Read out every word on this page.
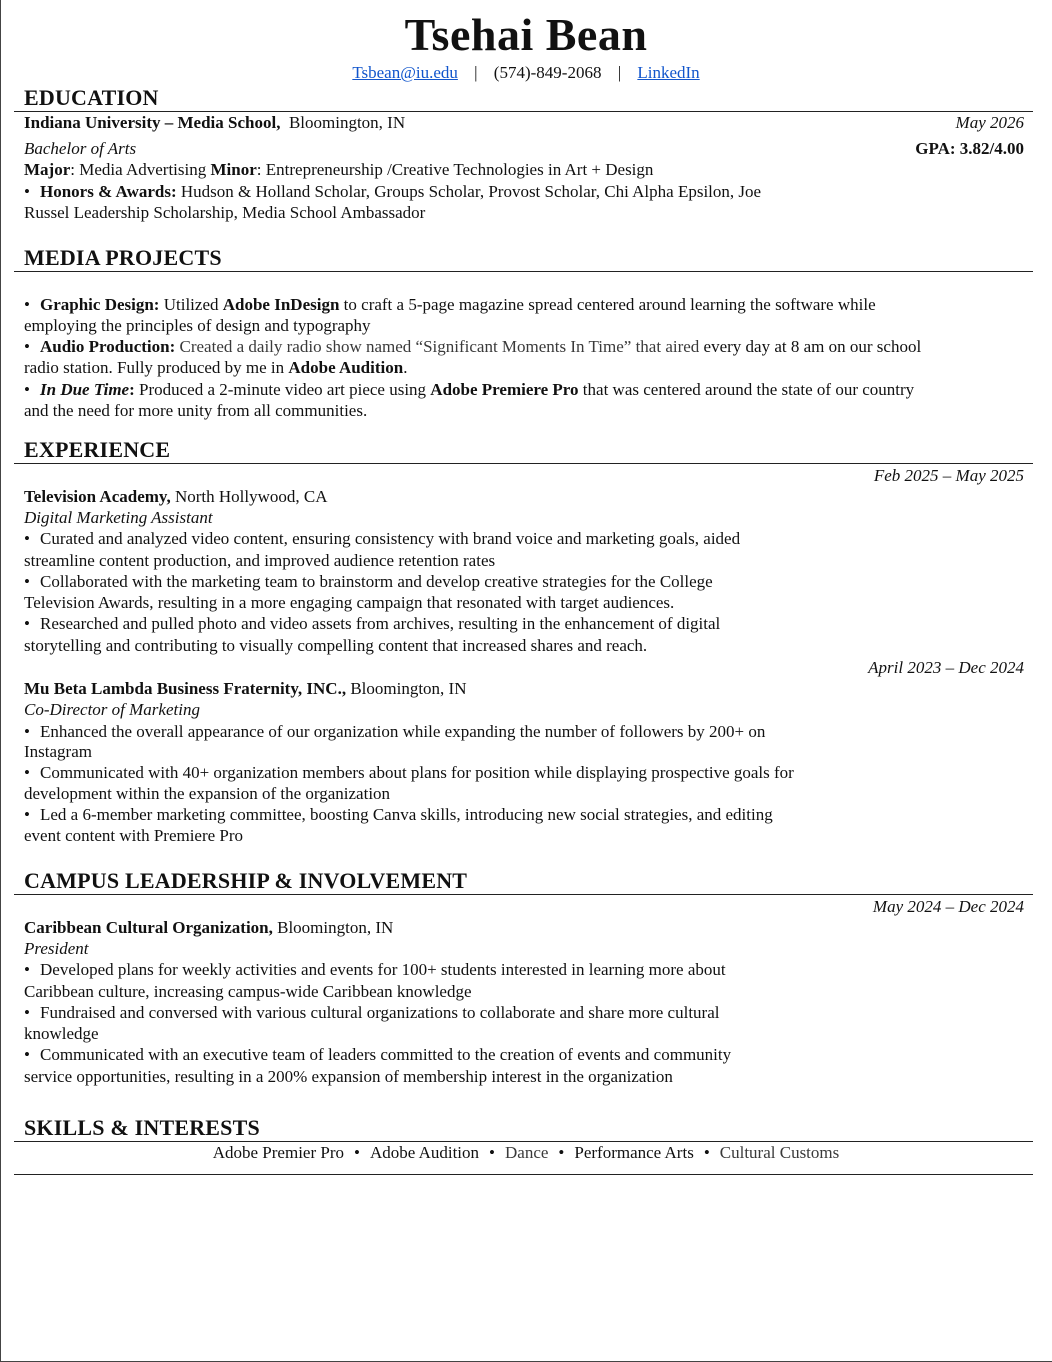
Tsehai Bean
Tsbean@iu.edu | (574)-849-2068 | LinkedIn
EDUCATION
Indiana University – Media School, Bloomington, IN	May 2026
Bachelor of Arts	GPA: 3.82/4.00
Major: Media Advertising Minor: Entrepreneurship /Creative Technologies in Art + Design
• Honors & Awards: Hudson & Holland Scholar, Groups Scholar, Provost Scholar, Chi Alpha Epsilon, Joe
Russel Leadership Scholarship, Media School Ambassador
MEDIA PROJECTS
• Graphic Design: Utilized Adobe InDesign to craft a 5-page magazine spread centered around learning the software while
employing the principles of design and typography
• Audio Production: Created a daily radio show named “Significant Moments In Time” that aired every day at 8 am on our school
radio station. Fully produced by me in Adobe Audition.
• In Due Time: Produced a 2-minute video art piece using Adobe Premiere Pro that was centered around the state of our country
and the need for more unity from all communities.
EXPERIENCE
Feb 2025 – May 2025
Television Academy, North Hollywood, CA
Digital Marketing Assistant
• Curated and analyzed video content, ensuring consistency with brand voice and marketing goals, aided
streamline content production, and improved audience retention rates
• Collaborated with the marketing team to brainstorm and develop creative strategies for the College
Television Awards, resulting in a more engaging campaign that resonated with target audiences.
• Researched and pulled photo and video assets from archives, resulting in the enhancement of digital
storytelling and contributing to visually compelling content that increased shares and reach.
April 2023 – Dec 2024
Mu Beta Lambda Business Fraternity, INC., Bloomington, IN
Co-Director of Marketing
• Enhanced the overall appearance of our organization while expanding the number of followers by 200+ on
Instagram
• Communicated with 40+ organization members about plans for position while displaying prospective goals for
development within the expansion of the organization
• Led a 6-member marketing committee, boosting Canva skills, introducing new social strategies, and editing
event content with Premiere Pro
CAMPUS LEADERSHIP & INVOLVEMENT
May 2024 – Dec 2024
Caribbean Cultural Organization, Bloomington, IN
President
• Developed plans for weekly activities and events for 100+ students interested in learning more about
Caribbean culture, increasing campus-wide Caribbean knowledge
• Fundraised and conversed with various cultural organizations to collaborate and share more cultural
knowledge
• Communicated with an executive team of leaders committed to the creation of events and community
service opportunities, resulting in a 200% expansion of membership interest in the organization
SKILLS & INTERESTS
Adobe Premier Pro • Adobe Audition • Dance • Performance Arts • Cultural Customs
